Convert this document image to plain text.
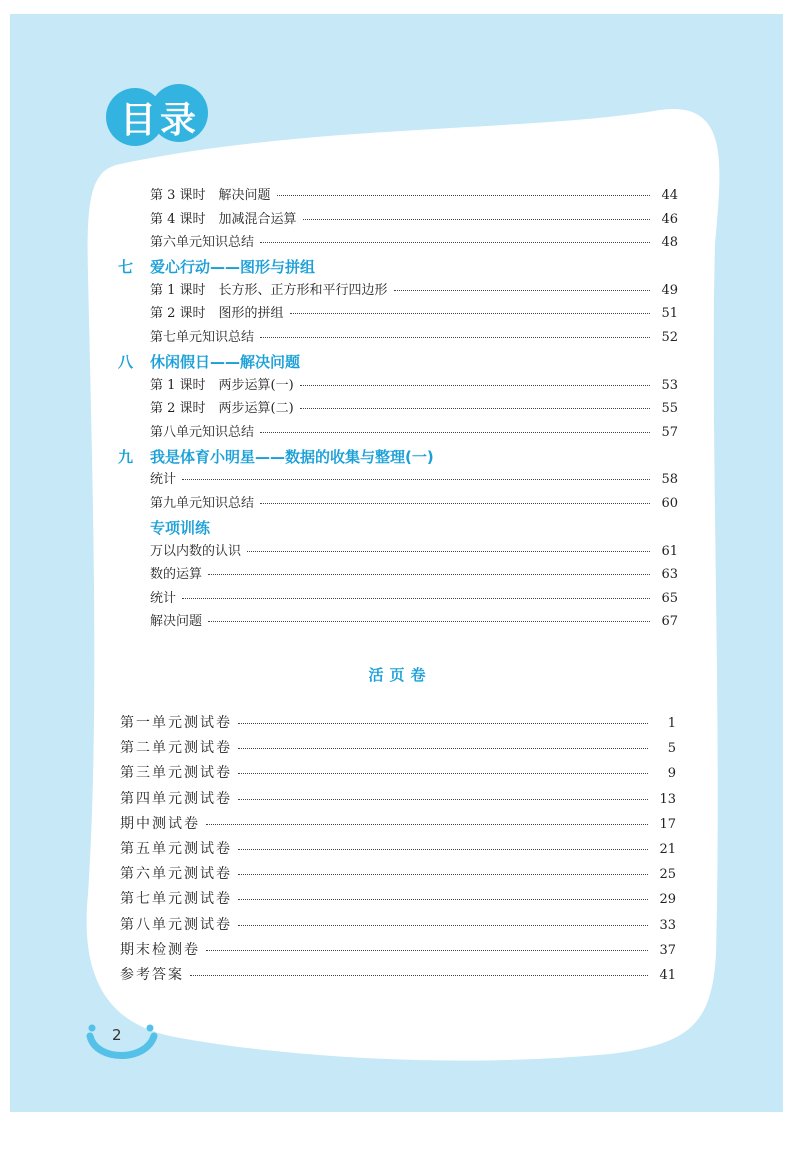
目录
第 3 课时　解决问题	44
第 4 课时　加减混合运算	46
第六单元知识总结	48
七	爱心行动——图形与拼组
第 1 课时　长方形、正方形和平行四边形	49
第 2 课时　图形的拼组	51
第七单元知识总结	52
八	休闲假日——解决问题
第 1 课时　两步运算(一)	53
第 2 课时　两步运算(二)	55
第八单元知识总结	57
九	我是体育小明星——数据的收集与整理(一)
统计	58
第九单元知识总结	60
专项训练
万以内数的认识	61
数的运算	63
统计	65
解决问题	67
活页卷
第一单元测试卷	1
第二单元测试卷	5
第三单元测试卷	9
第四单元测试卷	13
期中测试卷	17
第五单元测试卷	21
第六单元测试卷	25
第七单元测试卷	29
第八单元测试卷	33
期末检测卷	37
参考答案	41
2
